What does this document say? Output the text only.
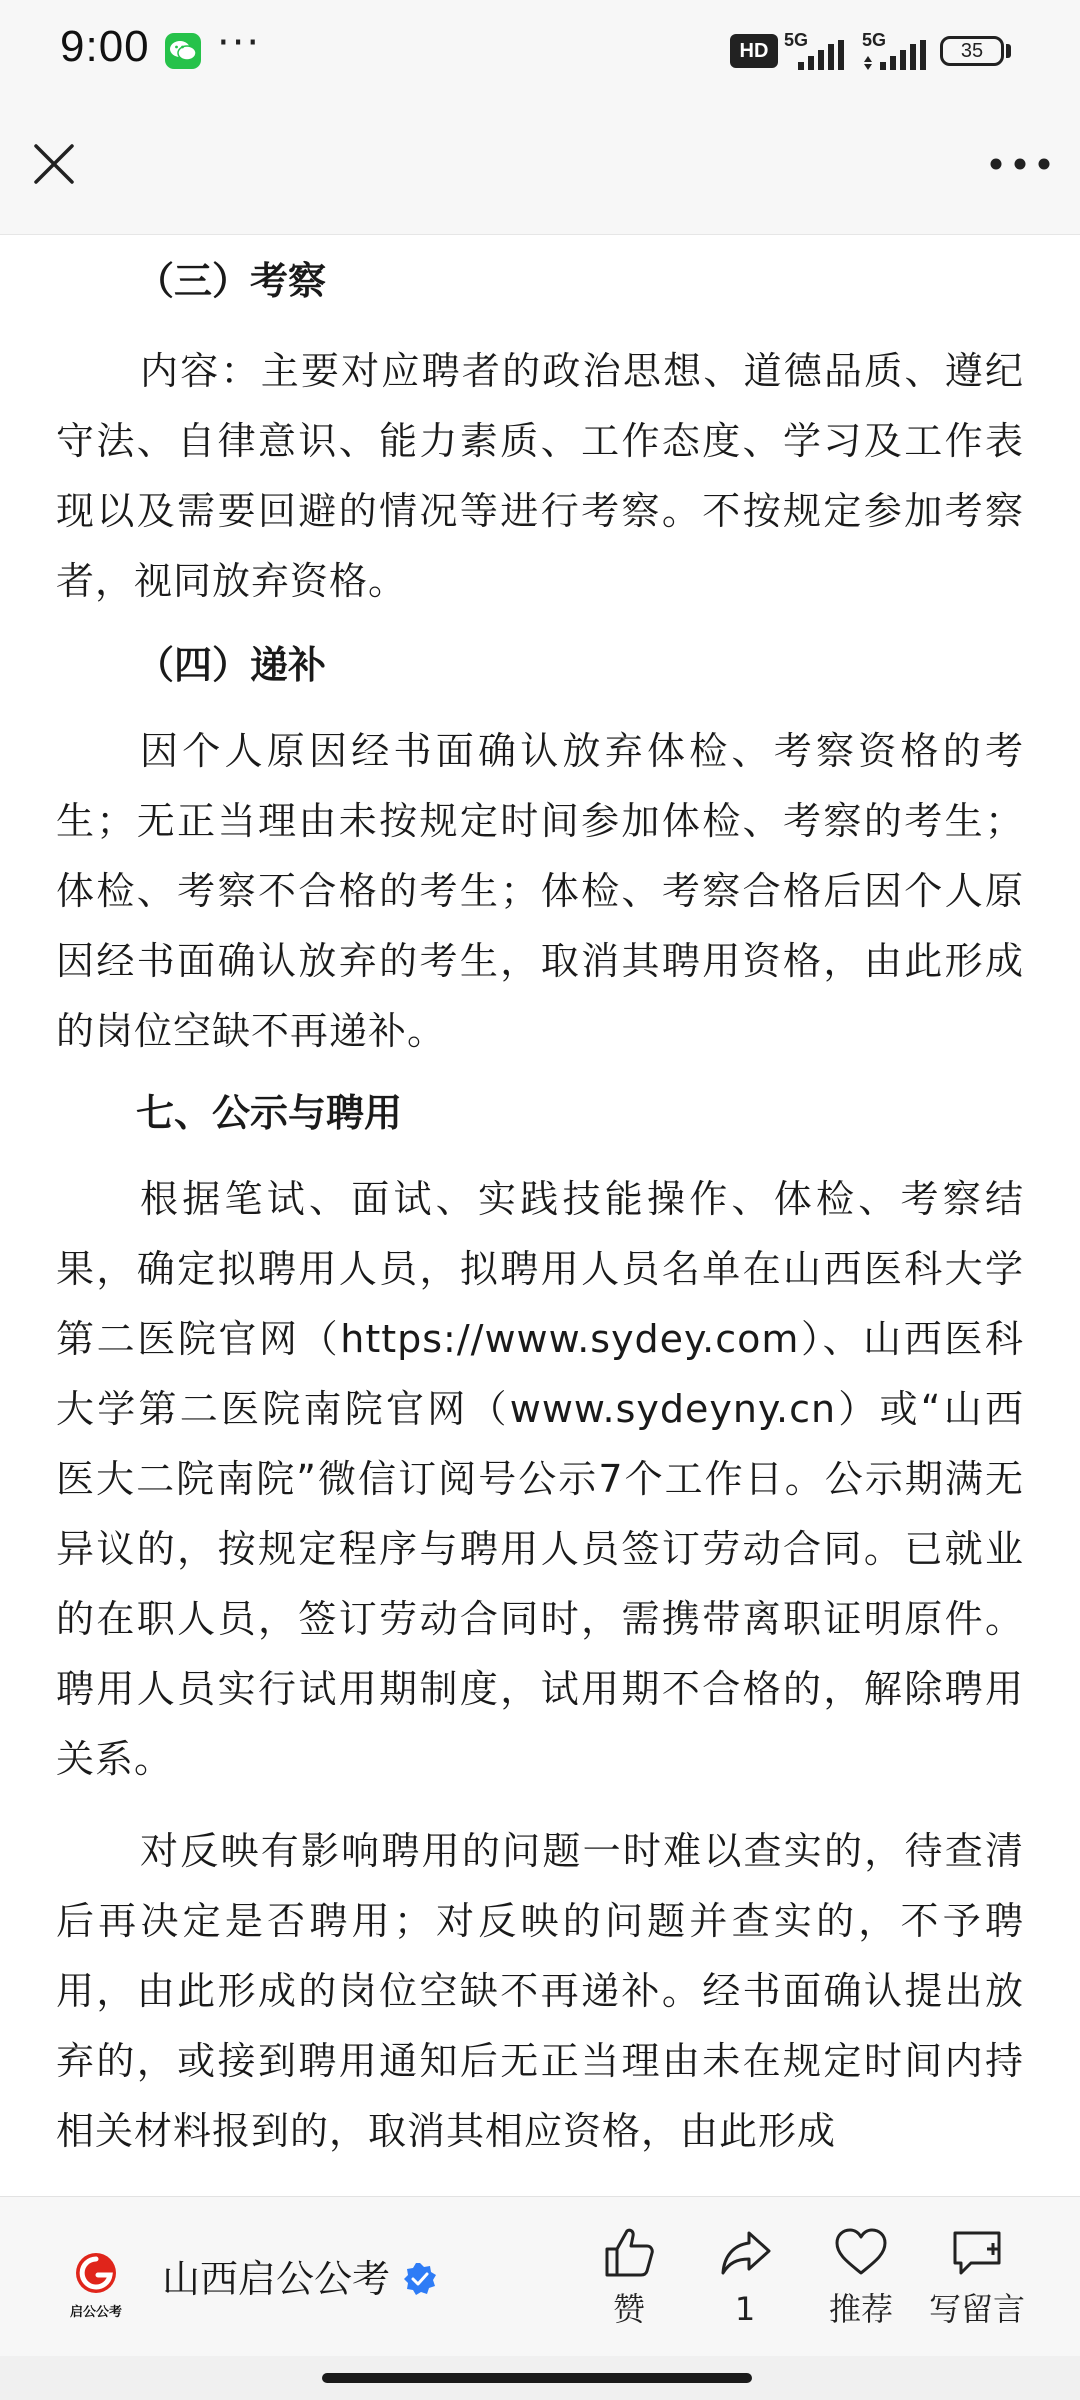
9:00 ···	HD 5G	5G	35

（三）考察

内容：主要对应聘者的政治思想、道德品质、遵纪守法、自律意识、能力素质、工作态度、学习及工作表现以及需要回避的情况等进行考察。不按规定参加考察者，视同放弃资格。

（四）递补

因个人原因经书面确认放弃体检、考察资格的考生；无正当理由未按规定时间参加体检、考察的考生；体检、考察不合格的考生；体检、考察合格后因个人原因经书面确认放弃的考生，取消其聘用资格，由此形成的岗位空缺不再递补。

七、公示与聘用

根据笔试、面试、实践技能操作、体检、考察结果，确定拟聘用人员，拟聘用人员名单在山西医科大学第二医院官网（https://www.sydey.com）、山西医科大学第二医院南院官网（www.sydeyny.cn）或“山西医大二院南院”微信订阅号公示7个工作日。公示期满无异议的，按规定程序与聘用人员签订劳动合同。已就业的在职人员，签订劳动合同时，需携带离职证明原件。聘用人员实行试用期制度，试用期不合格的，解除聘用关系。

对反映有影响聘用的问题一时难以查实的，待查清后再决定是否聘用；对反映的问题并查实的，不予聘用，由此形成的岗位空缺不再递补。经书面确认提出放弃的，或接到聘用通知后无正当理由未在规定时间内持相关材料报到的，取消其相应资格，由此形成

启公公考
山西启公公考
赞	1	推荐	写留言
